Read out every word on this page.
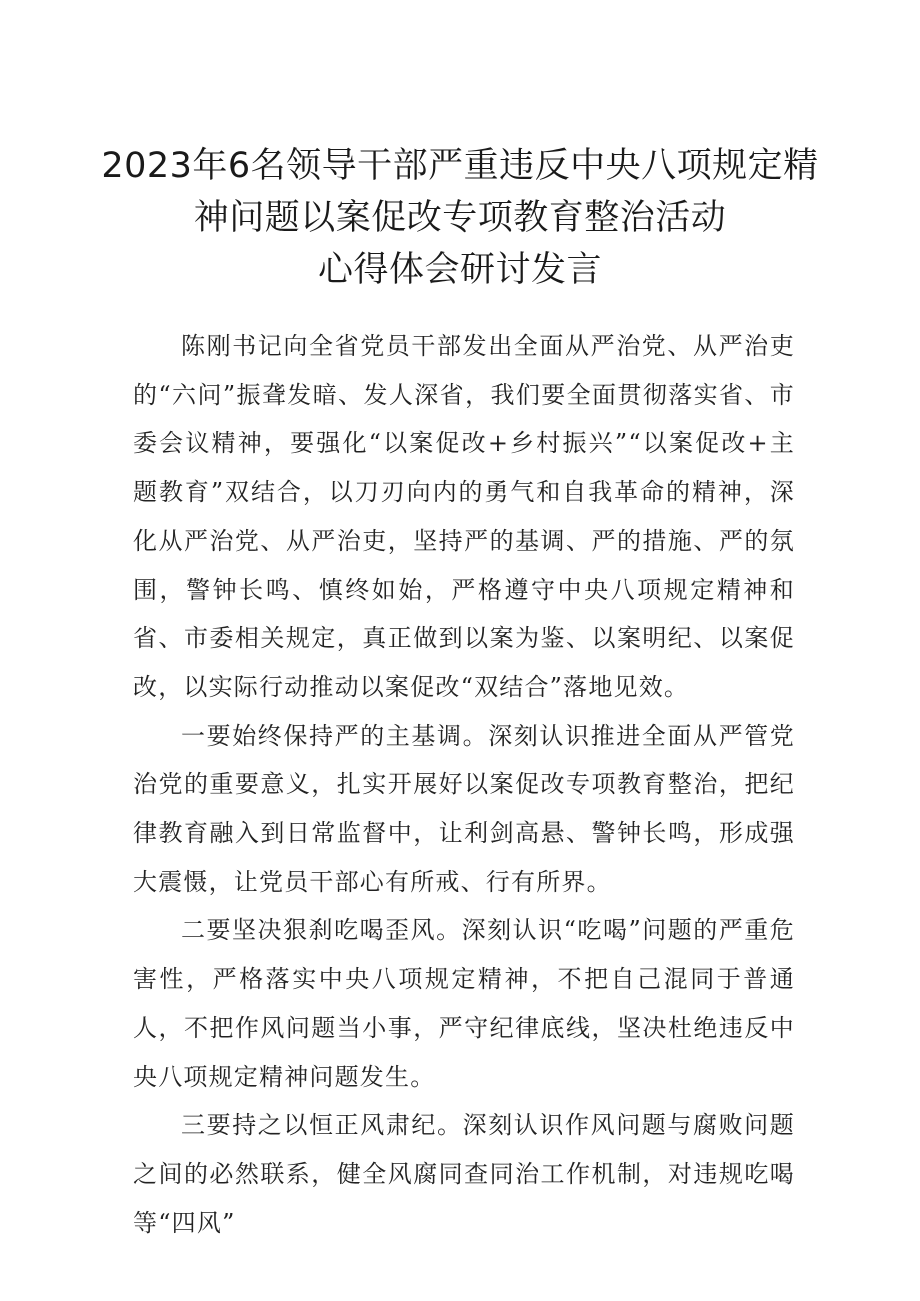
2023年6名领导干部严重违反中央八项规定精
神问题以案促改专项教育整治活动
心得体会研讨发言

陈刚书记向全省党员干部发出全面从严治党、从严治吏的“六问”振聋发暗、发人深省，我们要全面贯彻落实省、市委会议精神，要强化“以案促改+乡村振兴”“以案促改+主题教育”双结合，以刀刃向内的勇气和自我革命的精神，深化从严治党、从严治吏，坚持严的基调、严的措施、严的氛围，警钟长鸣、慎终如始，严格遵守中央八项规定精神和省、市委相关规定，真正做到以案为鉴、以案明纪、以案促改，以实际行动推动以案促改“双结合”落地见效。

一要始终保持严的主基调。深刻认识推进全面从严管党治党的重要意义，扎实开展好以案促改专项教育整治，把纪律教育融入到日常监督中，让利剑高悬、警钟长鸣，形成强大震慑，让党员干部心有所戒、行有所界。

二要坚决狠刹吃喝歪风。深刻认识“吃喝”问题的严重危害性，严格落实中央八项规定精神，不把自己混同于普通人，不把作风问题当小事，严守纪律底线，坚决杜绝违反中央八项规定精神问题发生。

三要持之以恒正风肃纪。深刻认识作风问题与腐败问题之间的必然联系，健全风腐同查同治工作机制，对违规吃喝等“四风”
